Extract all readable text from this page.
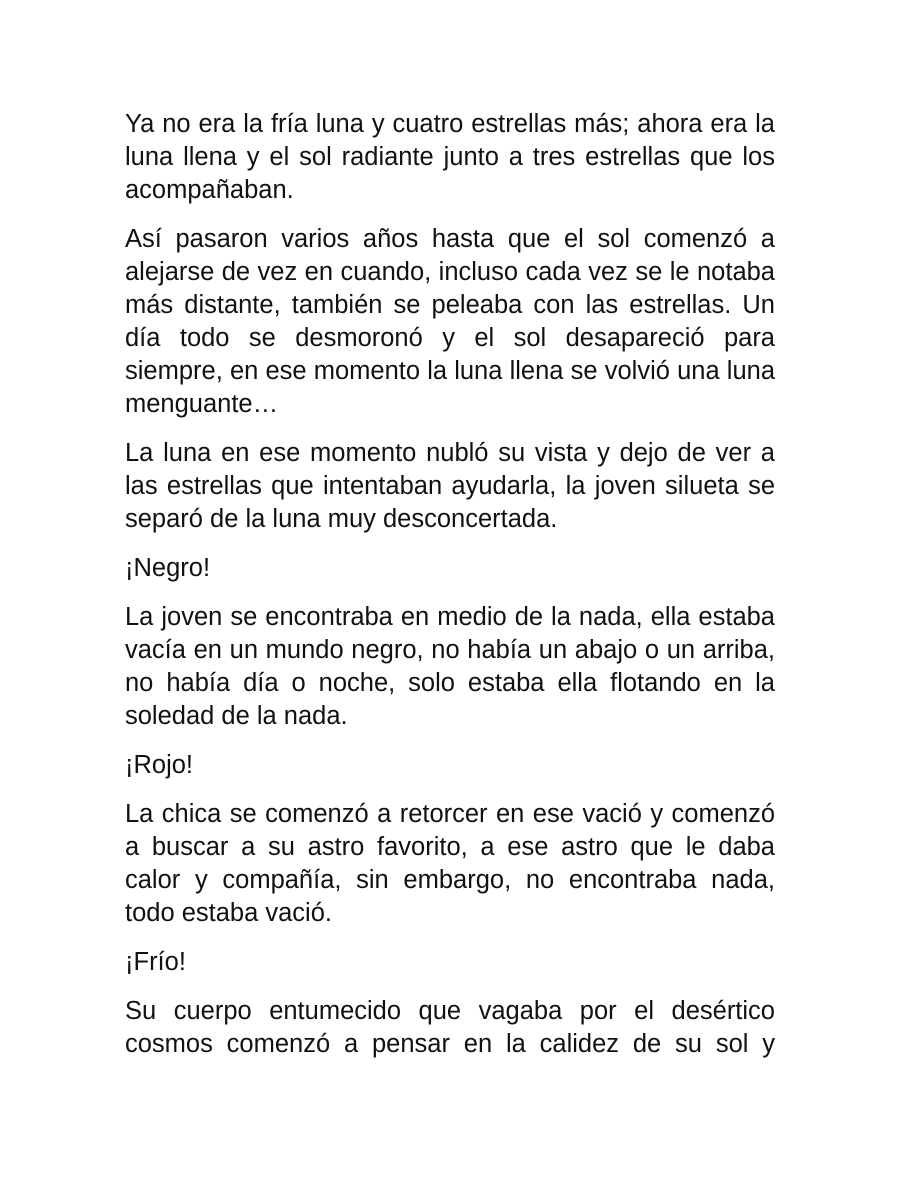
Ya no era la fría luna y cuatro estrellas más; ahora era la luna llena y el sol radiante junto a tres estrellas que los acompañaban.

Así pasaron varios años hasta que el sol comenzó a alejarse de vez en cuando, incluso cada vez se le notaba más distante, también se peleaba con las estrellas. Un día todo se desmoronó y el sol desapareció para siempre, en ese momento la luna llena se volvió una luna menguante…

La luna en ese momento nubló su vista y dejo de ver a las estrellas que intentaban ayudarla, la joven silueta se separó de la luna muy desconcertada.

¡Negro!

La joven se encontraba en medio de la nada, ella estaba vacía en un mundo negro, no había un abajo o un arriba, no había día o noche, solo estaba ella flotando en la soledad de la nada.

¡Rojo!

La chica se comenzó a retorcer en ese vació y comenzó a buscar a su astro favorito, a ese astro que le daba calor y compañía, sin embargo, no encontraba nada, todo estaba vació.

¡Frío!

Su cuerpo entumecido que vagaba por el desértico cosmos comenzó a pensar en la calidez de su sol y
